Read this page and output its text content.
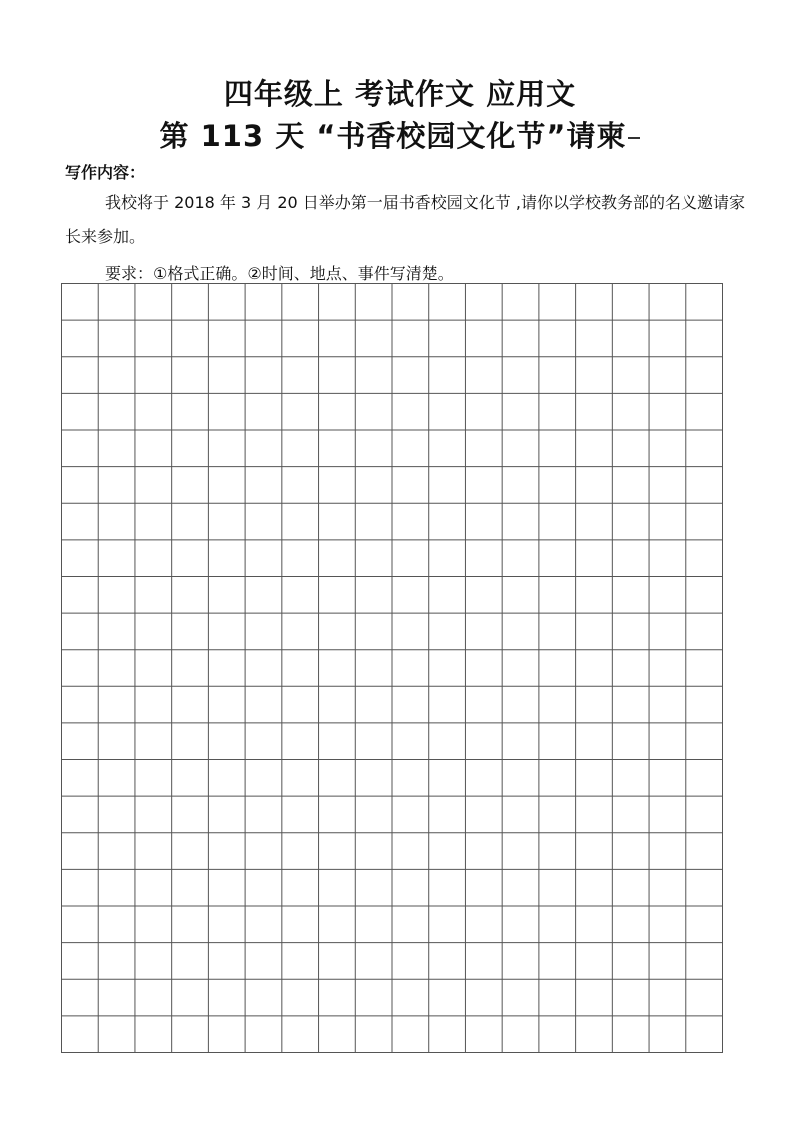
四年级上 考试作文 应用文
第 113 天 “书香校园文化节”请柬
写作内容：
我校将于 2018 年 3 月 20 日举办第一届书香校园文化节 ,请你以学校教务部的名义邀请家长来参加。
要求：①格式正确。②时间、地点、事件写清楚。
